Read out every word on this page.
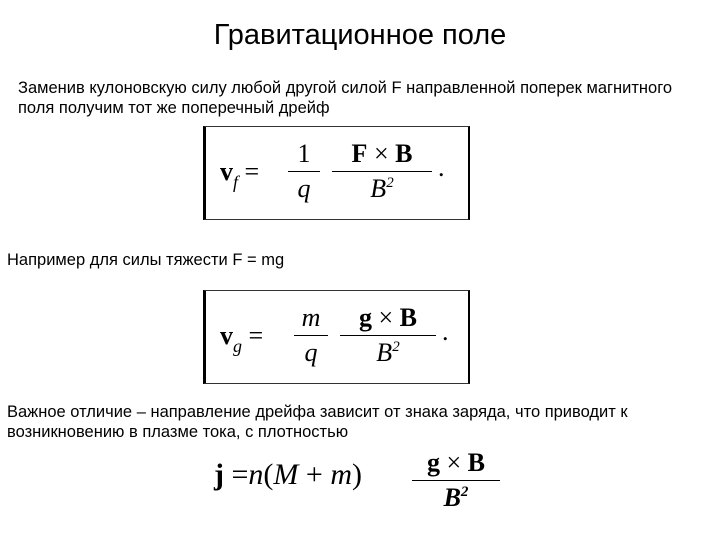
Гравитационное поле
Заменив кулоновскую силу любой другой силой F направленной поперек магнитного поля получим тот же поперечный дрейф
$v_f$ =
1
q
F × B
$B^2$
.
Например для силы тяжести F = mg
$v_g$ =
m
q
g × B
$B^2$
.
Важное отличие – направление дрейфа зависит от знака заряда, что приводит к возникновению в плазме тока, с плотностью
j =n(M + m)	g × B
$B^2$
